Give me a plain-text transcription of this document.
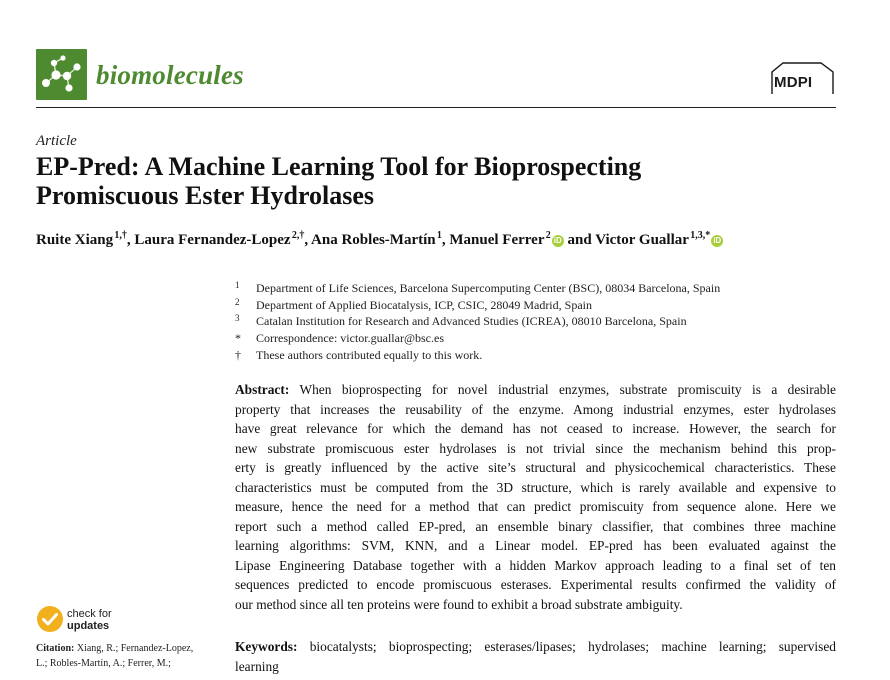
biomolecules	MDPI
Article
EP-Pred: A Machine Learning Tool for Bioprospecting
Promiscuous Ester Hydrolases
Ruite Xiang $^{1,\dagger}$, Laura Fernandez-Lopez $^{2,\dagger}$, Ana Robles-Martín $^1$, Manuel Ferrer $^2$ iD and Victor Guallar $^{1,3,*}$ iD
1 Department of Life Sciences, Barcelona Supercomputing Center (BSC), 08034 Barcelona, Spain
2 Department of Applied Biocatalysis, ICP, CSIC, 28049 Madrid, Spain
3 Catalan Institution for Research and Advanced Studies (ICREA), 08010 Barcelona, Spain
* Correspondence: victor.guallar@bsc.es
† These authors contributed equally to this work.
Abstract: When bioprospecting for novel industrial enzymes, substrate promiscuity is a desirable
property that increases the reusability of the enzyme. Among industrial enzymes, ester hydrolases
have great relevance for which the demand has not ceased to increase. However, the search for
new substrate promiscuous ester hydrolases is not trivial since the mechanism behind this prop-
erty is greatly influenced by the active site’s structural and physicochemical characteristics. These
characteristics must be computed from the 3D structure, which is rarely available and expensive to
measure, hence the need for a method that can predict promiscuity from sequence alone. Here we
report such a method called EP-pred, an ensemble binary classifier, that combines three machine
learning algorithms: SVM, KNN, and a Linear model. EP-pred has been evaluated against the
Lipase Engineering Database together with a hidden Markov approach leading to a final set of ten
sequences predicted to encode promiscuous esterases. Experimental results confirmed the validity of
our method since all ten proteins were found to exhibit a broad substrate ambiguity.
Keywords: biocatalysts; bioprospecting; esterases/lipases; hydrolases; machine learning; supervised
learning
check for
updates
Citation: Xiang, R.; Fernandez-Lopez,
L.; Robles-Martín, A.; Ferrer, M.;
